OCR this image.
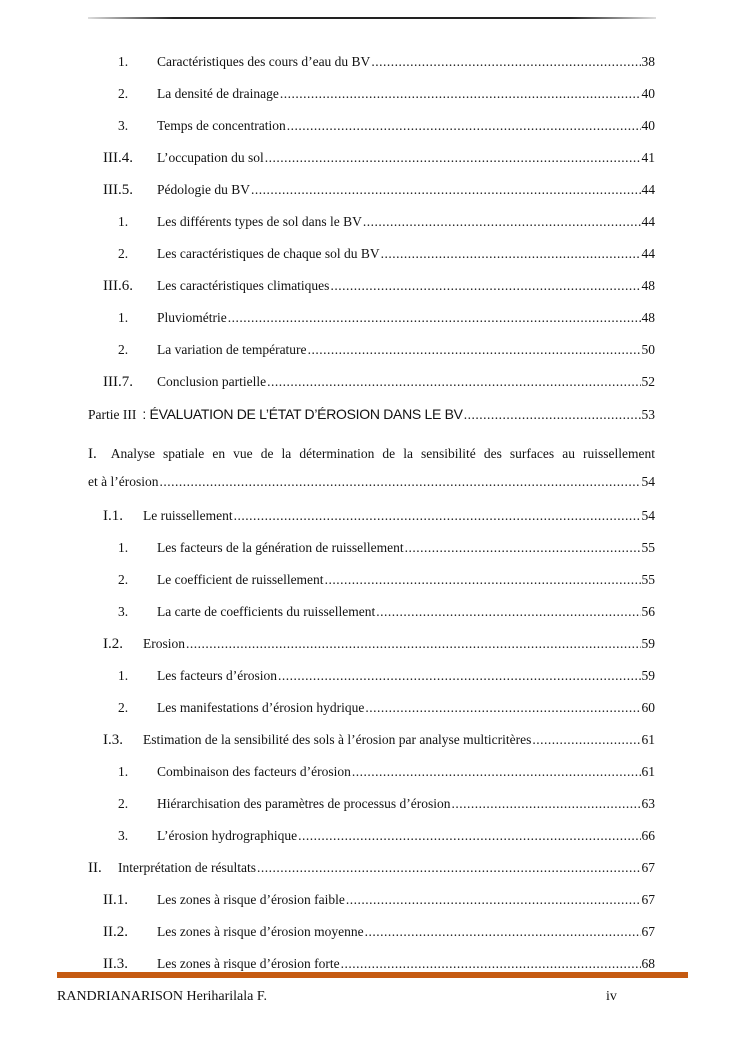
1. Caractéristiques des cours d’eau du BV .....	38
2. La densité de drainage .....	40
3. Temps de concentration .....	40
III.4. L’occupation du sol .....	41
III.5. Pédologie du BV .....	44
1. Les différents types de sol dans le BV .....	44
2. Les caractéristiques de chaque sol du BV .....	44
III.6. Les caractéristiques climatiques .....	48
1. Pluviométrie .....	48
2. La variation de température .....	50
III.7. Conclusion partielle .....	52
Partie III : ÉVALUATION DE L’ÉTAT D’ÉROSION DANS LE BV .....	53
I. Analyse spatiale en vue de la détermination de la sensibilité des surfaces au ruissellement
et à l’érosion .....	54
I.1. Le ruissellement .....	54
1. Les facteurs de la génération de ruissellement .....	55
2. Le coefficient de ruissellement .....	55
3. La carte de coefficients du ruissellement .....	56
I.2. Erosion .....	59
1. Les facteurs d’érosion .....	59
2. Les manifestations d’érosion hydrique .....	60
I.3. Estimation de la sensibilité des sols à l’érosion par analyse multicritères .....	61
1. Combinaison des facteurs d’érosion .....	61
2. Hiérarchisation des paramètres de processus d’érosion .....	63
3. L’érosion hydrographique .....	66
II. Interprétation de résultats .....	67
II.1. Les zones à risque d’érosion faible .....	67
II.2. Les zones à risque d’érosion moyenne .....	67
II.3. Les zones à risque d’érosion forte .....	68
RANDRIANARISON Heriharilala F.	iv
